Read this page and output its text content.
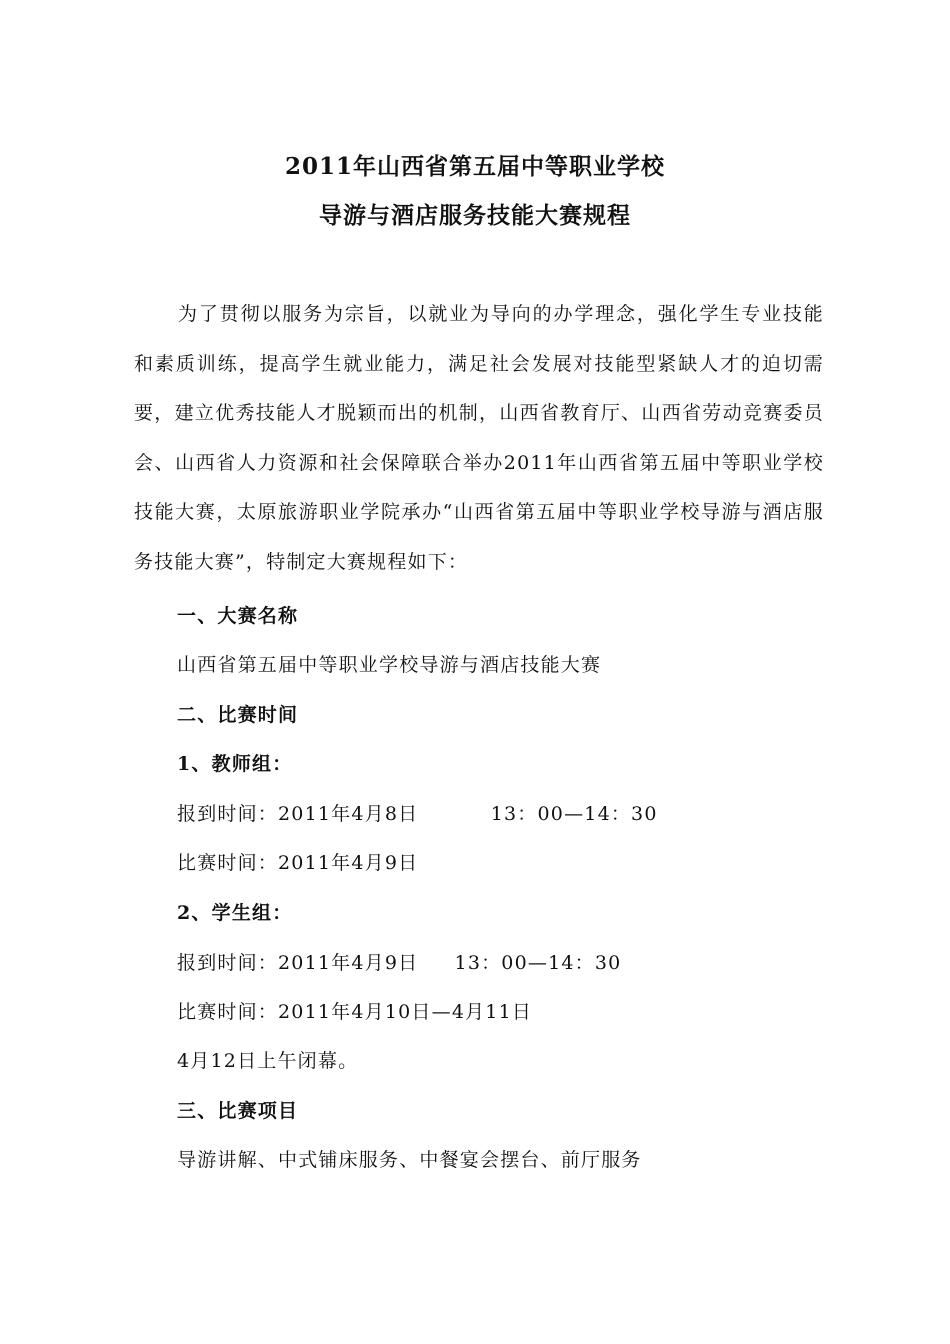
2011年山西省第五届中等职业学校
导游与酒店服务技能大赛规程
为了贯彻以服务为宗旨，以就业为导向的办学理念，强化学生专业技能和素质训练，提高学生就业能力，满足社会发展对技能型紧缺人才的迫切需要，建立优秀技能人才脱颖而出的机制，山西省教育厅、山西省劳动竞赛委员会、山西省人力资源和社会保障联合举办2011年山西省第五届中等职业学校技能大赛，太原旅游职业学院承办“山西省第五届中等职业学校导游与酒店服务技能大赛”，特制定大赛规程如下：
一、大赛名称
山西省第五届中等职业学校导游与酒店技能大赛
二、比赛时间
1、教师组：
报到时间：2011年4月8日          13：00—14：30
比赛时间：2011年4月9日
2、学生组：
报到时间：2011年4月9日     13：00—14：30
比赛时间：2011年4月10日—4月11日
4月12日上午闭幕。
三、比赛项目
导游讲解、中式铺床服务、中餐宴会摆台、前厅服务
